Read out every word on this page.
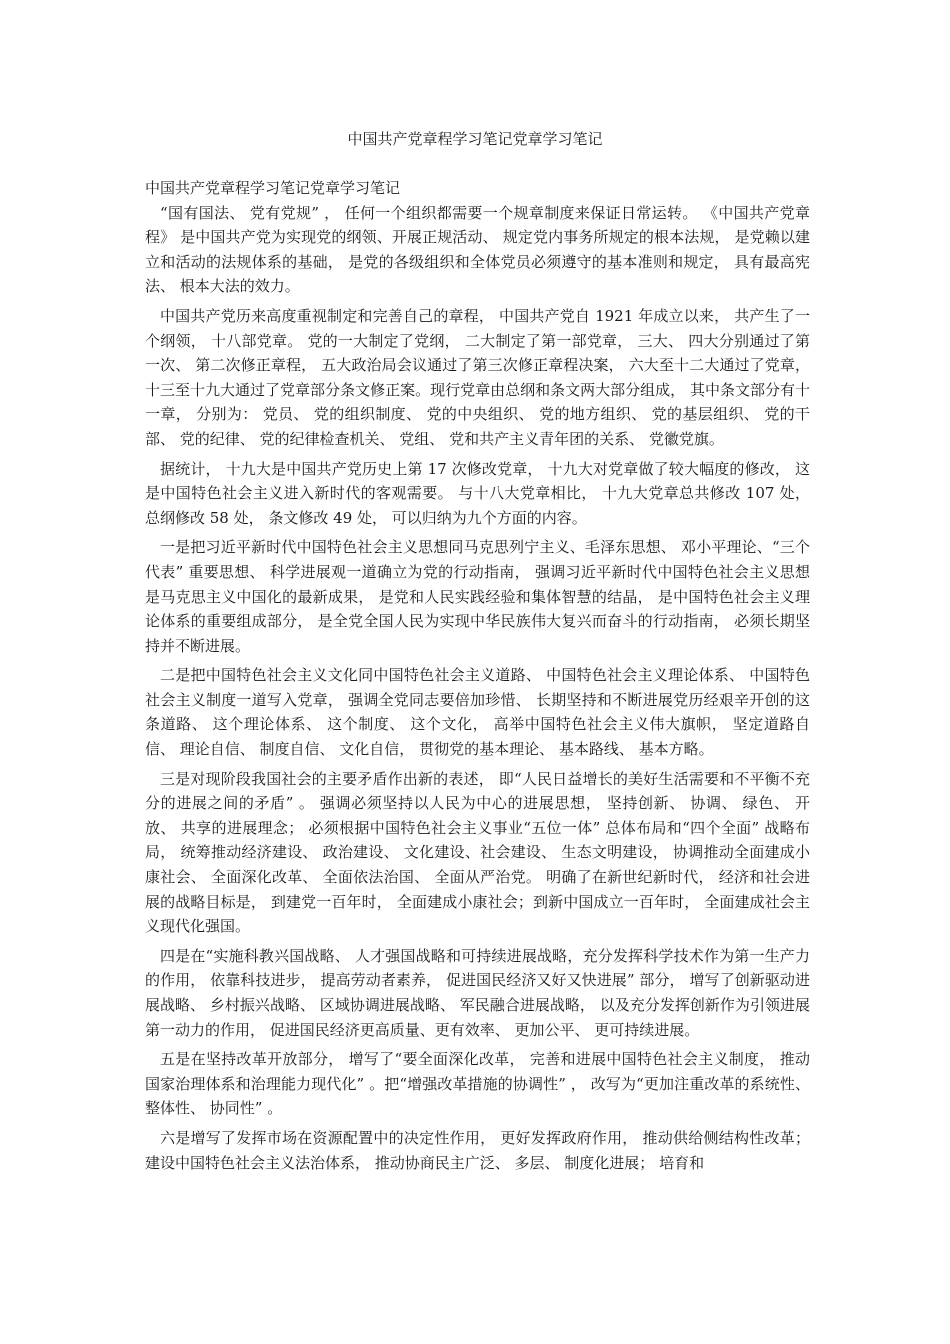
中国共产党章程学习笔记党章学习笔记

中国共产党章程学习笔记党章学习笔记

“国有国法、 党有党规” ， 任何一个组织都需要一个规章制度来保证日常运转。 《中国共产党章程》 是中国共产党为实现党的纲领、开展正规活动、 规定党内事务所规定的根本法规， 是党赖以建立和活动的法规体系的基础， 是党的各级组织和全体党员必须遵守的基本准则和规定， 具有最高宪法、 根本大法的效力。

中国共产党历来高度重视制定和完善自己的章程， 中国共产党自 1921 年成立以来， 共产生了一个纲领， 十八部党章。 党的一大制定了党纲， 二大制定了第一部党章， 三大、 四大分别通过了第一次、 第二次修正章程， 五大政治局会议通过了第三次修正章程决案， 六大至十二大通过了党章， 十三至十九大通过了党章部分条文修正案。现行党章由总纲和条文两大部分组成， 其中条文部分有十一章， 分别为： 党员、 党的组织制度、 党的中央组织、 党的地方组织、 党的基层组织、 党的干部、 党的纪律、 党的纪律检查机关、 党组、 党和共产主义青年团的关系、 党徽党旗。

据统计， 十九大是中国共产党历史上第 17 次修改党章， 十九大对党章做了较大幅度的修改， 这是中国特色社会主义进入新时代的客观需要。 与十八大党章相比， 十九大党章总共修改 107 处， 总纲修改 58 处， 条文修改 49 处， 可以归纳为九个方面的内容。

一是把习近平新时代中国特色社会主义思想同马克思列宁主义、毛泽东思想、 邓小平理论、“三个代表” 重要思想、 科学进展观一道确立为党的行动指南， 强调习近平新时代中国特色社会主义思想是马克思主义中国化的最新成果， 是党和人民实践经验和集体智慧的结晶， 是中国特色社会主义理论体系的重要组成部分， 是全党全国人民为实现中华民族伟大复兴而奋斗的行动指南， 必须长期坚持并不断进展。

二是把中国特色社会主义文化同中国特色社会主义道路、 中国特色社会主义理论体系、 中国特色社会主义制度一道写入党章， 强调全党同志要倍加珍惜、 长期坚持和不断进展党历经艰辛开创的这条道路、 这个理论体系、 这个制度、 这个文化， 高举中国特色社会主义伟大旗帜， 坚定道路自信、 理论自信、 制度自信、 文化自信， 贯彻党的基本理论、 基本路线、 基本方略。

三是对现阶段我国社会的主要矛盾作出新的表述， 即“人民日益增长的美好生活需要和不平衡不充分的进展之间的矛盾” 。 强调必须坚持以人民为中心的进展思想， 坚持创新、 协调、 绿色、 开放、 共享的进展理念； 必须根据中国特色社会主义事业“五位一体” 总体布局和“四个全面” 战略布局， 统筹推动经济建设、 政治建设、 文化建设、社会建设、 生态文明建设， 协调推动全面建成小康社会、 全面深化改革、 全面依法治国、 全面从严治党。 明确了在新世纪新时代， 经济和社会进展的战略目标是， 到建党一百年时， 全面建成小康社会；到新中国成立一百年时， 全面建成社会主义现代化强国。

四是在“实施科教兴国战略、 人才强国战略和可持续进展战略，充分发挥科学技术作为第一生产力的作用， 依靠科技进步， 提高劳动者素养， 促进国民经济又好又快进展” 部分， 增写了创新驱动进展战略、 乡村振兴战略、 区域协调进展战略、 军民融合进展战略， 以及充分发挥创新作为引领进展第一动力的作用， 促进国民经济更高质量、更有效率、 更加公平、 更可持续进展。

五是在坚持改革开放部分， 增写了“要全面深化改革， 完善和进展中国特色社会主义制度， 推动国家治理体系和治理能力现代化” 。把“增强改革措施的协调性” ， 改写为“更加注重改革的系统性、 整体性、 协同性” 。

六是增写了发挥市场在资源配置中的决定性作用， 更好发挥政府作用， 推动供给侧结构性改革； 建设中国特色社会主义法治体系， 推动协商民主广泛、 多层、 制度化进展； 培育和
